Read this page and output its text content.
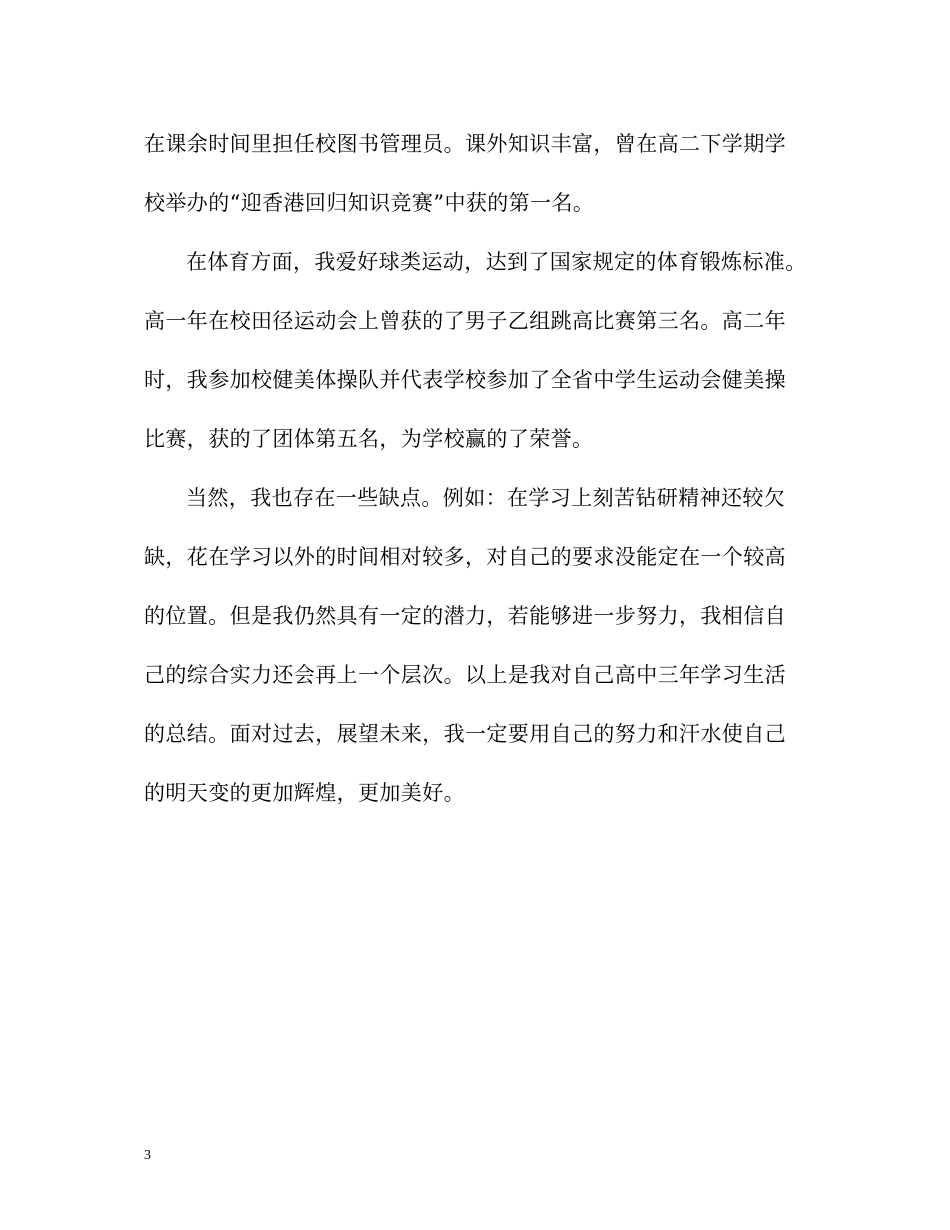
在课余时间里担任校图书管理员。课外知识丰富，曾在高二下学期学
校举办的“迎香港回归知识竞赛”中获的第一名。
在体育方面，我爱好球类运动，达到了国家规定的体育锻炼标准。
高一年在校田径运动会上曾获的了男子乙组跳高比赛第三名。高二年
时，我参加校健美体操队并代表学校参加了全省中学生运动会健美操
比赛，获的了团体第五名，为学校赢的了荣誉。
当然，我也存在一些缺点。例如：在学习上刻苦钻研精神还较欠
缺，花在学习以外的时间相对较多，对自己的要求没能定在一个较高
的位置。但是我仍然具有一定的潜力，若能够进一步努力，我相信自
己的综合实力还会再上一个层次。以上是我对自己高中三年学习生活
的总结。面对过去，展望未来，我一定要用自己的努力和汗水使自己
的明天变的更加辉煌，更加美好。
3
